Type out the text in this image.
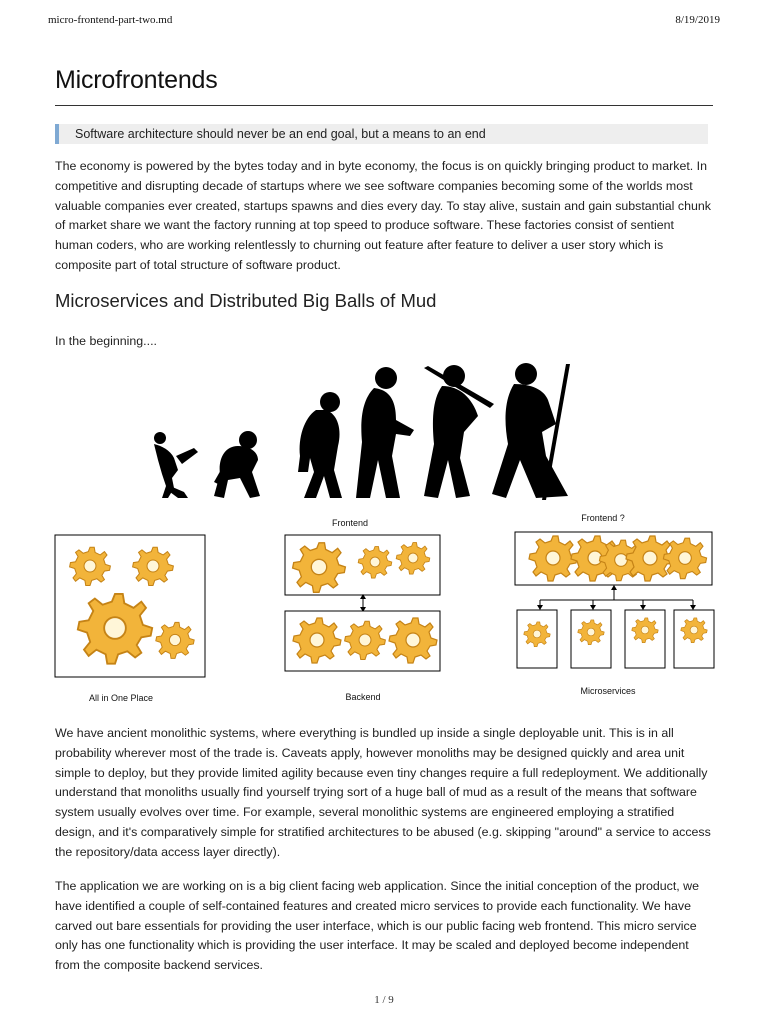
micro-frontend-part-two.md	8/19/2019
Microfrontends
Software architecture should never be an end goal, but a means to an end

The economy is powered by the bytes today and in byte economy, the focus is on quickly bringing product to market. In competitive and disrupting decade of startups where we see software companies becoming some of the worlds most valuable companies ever created, startups spawns and dies every day. To stay alive, sustain and gain substantial chunk of market share we want the factory running at top speed to produce software. These factories consist of sentient human coders, who are working relentlessly to churning out feature after feature to deliver a user story which is composite part of total structure of software product.

Microservices and Distributed Big Balls of Mud
In the beginning....
Frontend
Backend
Frontend ?
Microservices
All in One Place

We have ancient monolithic systems, where everything is bundled up inside a single deployable unit. This is in all probability wherever most of the trade is. Caveats apply, however monoliths may be designed quickly and area unit simple to deploy, but they provide limited agility because even tiny changes require a full redeployment. We additionally understand that monoliths usually find yourself trying sort of a huge ball of mud as a result of the means that software system usually evolves over time. For example, several monolithic systems are engineered employing a stratified design, and it's comparatively simple for stratified architectures to be abused (e.g. skipping "around" a service to access the repository/data access layer directly).

The application we are working on is a big client facing web application. Since the initial conception of the product, we have identified a couple of self-contained features and created micro services to provide each functionality. We have carved out bare essentials for providing the user interface, which is our public facing web frontend. This micro service only has one functionality which is providing the user interface. It may be scaled and deployed become independent from the composite backend services.

1 / 9
